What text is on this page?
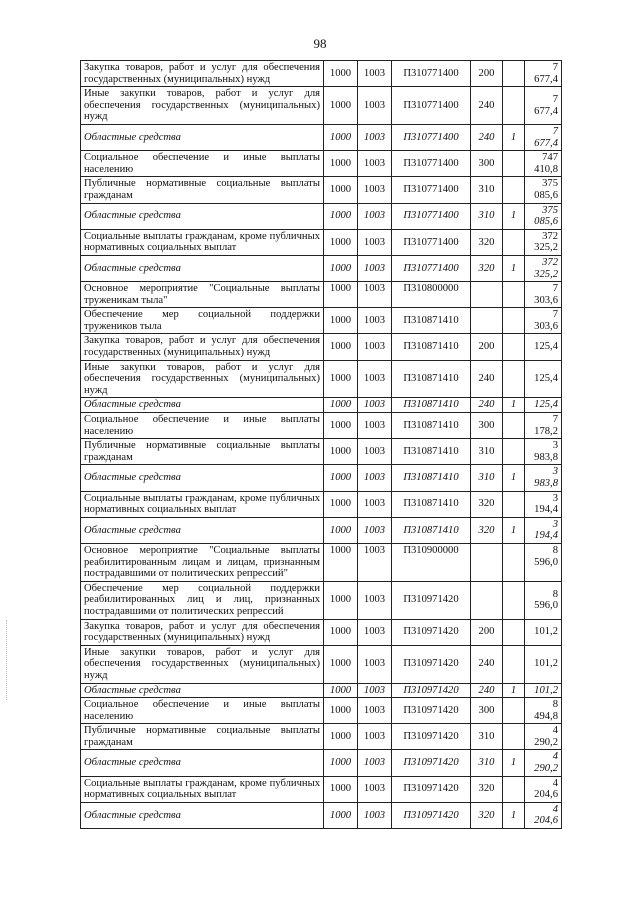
98
Закупка товаров, работ и услуг для обеспечения государственных (муниципальных) нужд	1000	1003	П310771400	200		7 677,4
Иные закупки товаров, работ и услуг для обеспечения государственных (муниципальных) нужд	1000	1003	П310771400	240		7 677,4
Областные средства	1000	1003	П310771400	240	1	7 677,4
Социальное обеспечение и иные выплаты населению	1000	1003	П310771400	300		747 410,8
Публичные нормативные социальные выплаты гражданам	1000	1003	П310771400	310		375 085,6
Областные средства	1000	1003	П310771400	310	1	375 085,6
Социальные выплаты гражданам, кроме публичных нормативных социальных выплат	1000	1003	П310771400	320		372 325,2
Областные средства	1000	1003	П310771400	320	1	372 325,2
Основное мероприятие "Социальные выплаты труженикам тыла"	1000	1003	П310800000			7 303,6
Обеспечение мер социальной поддержки тружеников тыла	1000	1003	П310871410			7 303,6
Закупка товаров, работ и услуг для обеспечения государственных (муниципальных) нужд	1000	1003	П310871410	200		125,4
Иные закупки товаров, работ и услуг для обеспечения государственных (муниципальных) нужд	1000	1003	П310871410	240		125,4
Областные средства	1000	1003	П310871410	240	1	125,4
Социальное обеспечение и иные выплаты населению	1000	1003	П310871410	300		7 178,2
Публичные нормативные социальные выплаты гражданам	1000	1003	П310871410	310		3 983,8
Областные средства	1000	1003	П310871410	310	1	3 983,8
Социальные выплаты гражданам, кроме публичных нормативных социальных выплат	1000	1003	П310871410	320		3 194,4
Областные средства	1000	1003	П310871410	320	1	3 194,4
Основное мероприятие "Социальные выплаты реабилитированным лицам и лицам, признанным пострадавшими от политических репрессий"	1000	1003	П310900000			8 596,0
Обеспечение мер социальной поддержки реабилитированных лиц и лиц, признанных пострадавшими от политических репрессий	1000	1003	П310971420			8 596,0
Закупка товаров, работ и услуг для обеспечения государственных (муниципальных) нужд	1000	1003	П310971420	200		101,2
Иные закупки товаров, работ и услуг для обеспечения государственных (муниципальных) нужд	1000	1003	П310971420	240		101,2
Областные средства	1000	1003	П310971420	240	1	101,2
Социальное обеспечение и иные выплаты населению	1000	1003	П310971420	300		8 494,8
Публичные нормативные социальные выплаты гражданам	1000	1003	П310971420	310		4 290,2
Областные средства	1000	1003	П310971420	310	1	4 290,2
Социальные выплаты гражданам, кроме публичных нормативных социальных выплат	1000	1003	П310971420	320		4 204,6
Областные средства	1000	1003	П310971420	320	1	4 204,6
